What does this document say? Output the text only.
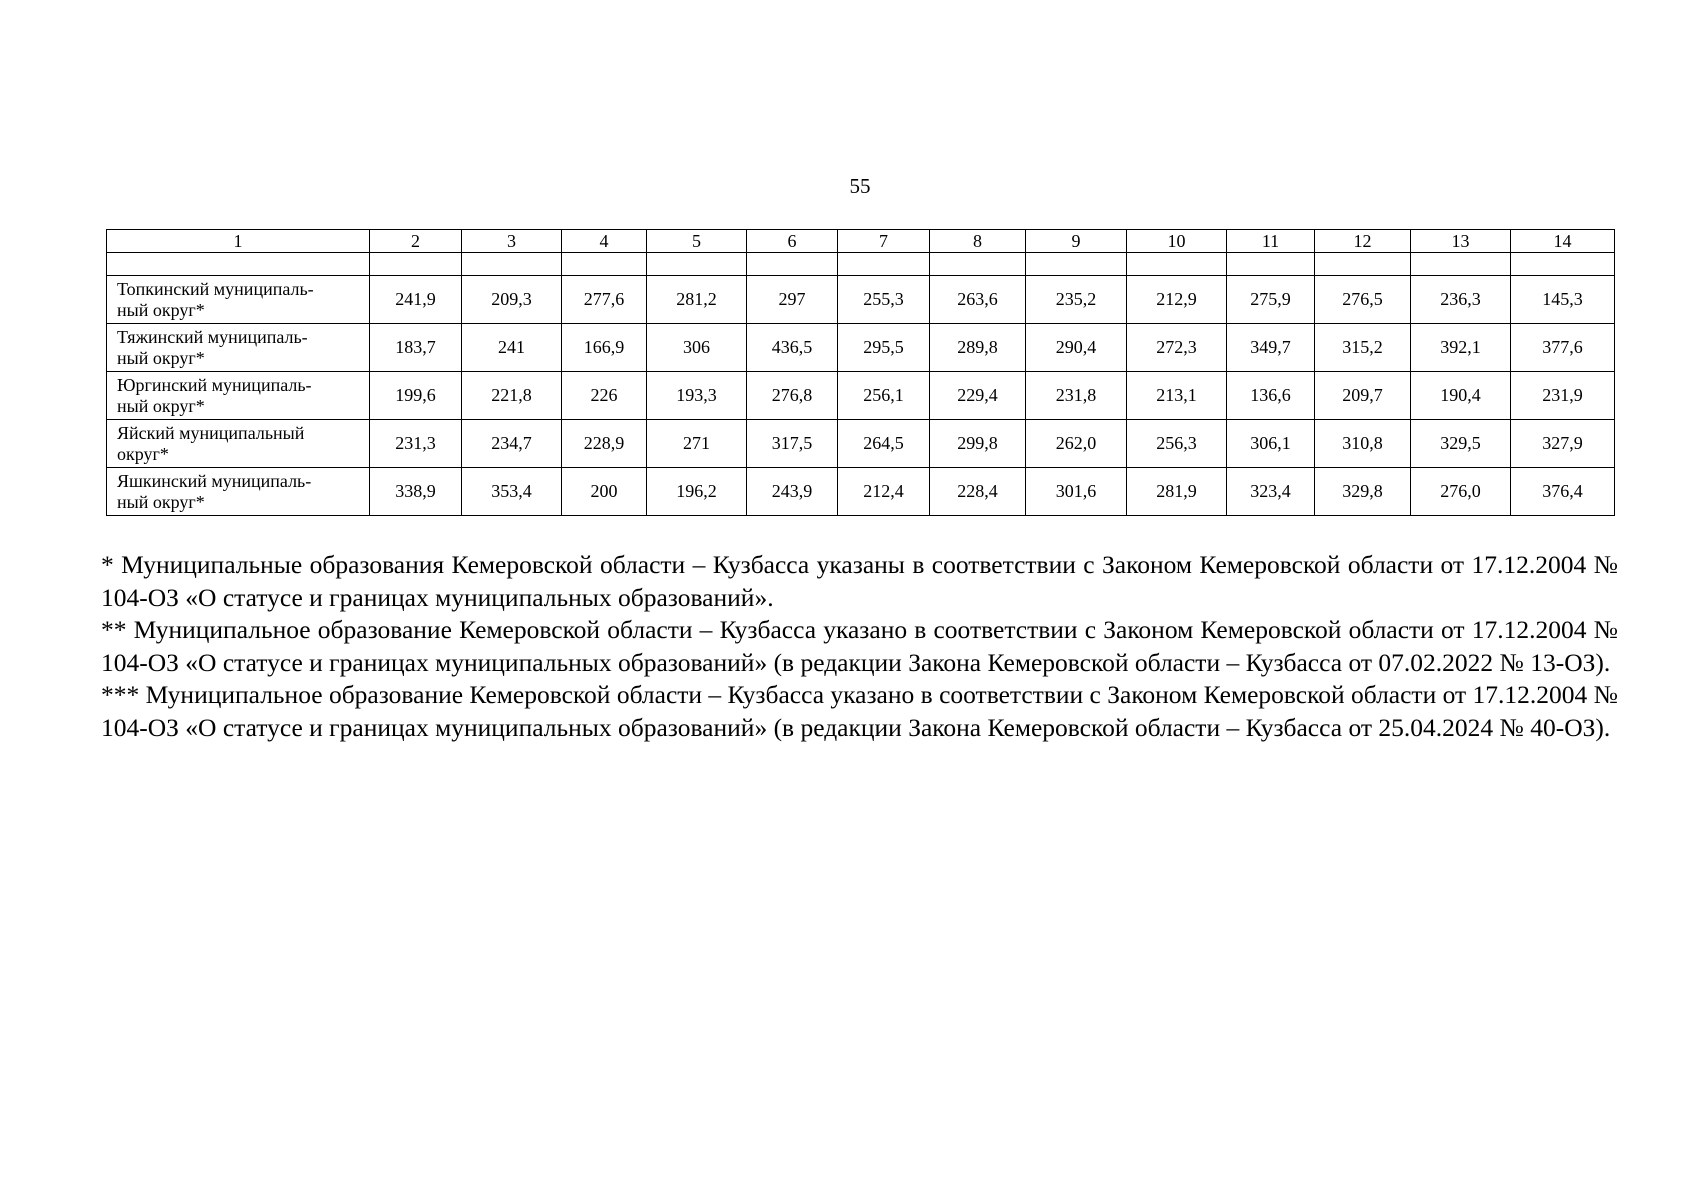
55
1	2	3	4	5	6	7	8	9	10	11	12	13	14

Топкинский муниципаль-
ный округ*	241,9	209,3	277,6	281,2	297	255,3	263,6	235,2	212,9	275,9	276,5	236,3	145,3

Тяжинский муниципаль-
ный округ*	183,7	241	166,9	306	436,5	295,5	289,8	290,4	272,3	349,7	315,2	392,1	377,6

Юргинский муниципаль-
ный округ*	199,6	221,8	226	193,3	276,8	256,1	229,4	231,8	213,1	136,6	209,7	190,4	231,9

Яйский муниципальный
округ*	231,3	234,7	228,9	271	317,5	264,5	299,8	262,0	256,3	306,1	310,8	329,5	327,9

Яшкинский муниципаль-
ный округ*	338,9	353,4	200	196,2	243,9	212,4	228,4	301,6	281,9	323,4	329,8	276,0	376,4

* Муниципальные образования Кемеровской области – Кузбасса указаны в соответствии с Законом Кемеровской области от 17.12.2004 № 104-ОЗ «О статусе и границах муниципальных образований».

** Муниципальное образование Кемеровской области – Кузбасса указано в соответствии с Законом Кемеровской области от 17.12.2004 № 104-ОЗ «О статусе и границах муниципальных образований» (в редакции Закона Кемеровской области – Кузбасса от 07.02.2022 № 13-ОЗ).

*** Муниципальное образование Кемеровской области – Кузбасса указано в соответствии с Законом Кемеровской области от 17.12.2004 № 104-ОЗ «О статусе и границах муниципальных образований» (в редакции Закона Кемеровской области – Кузбасса от 25.04.2024 № 40-ОЗ).
